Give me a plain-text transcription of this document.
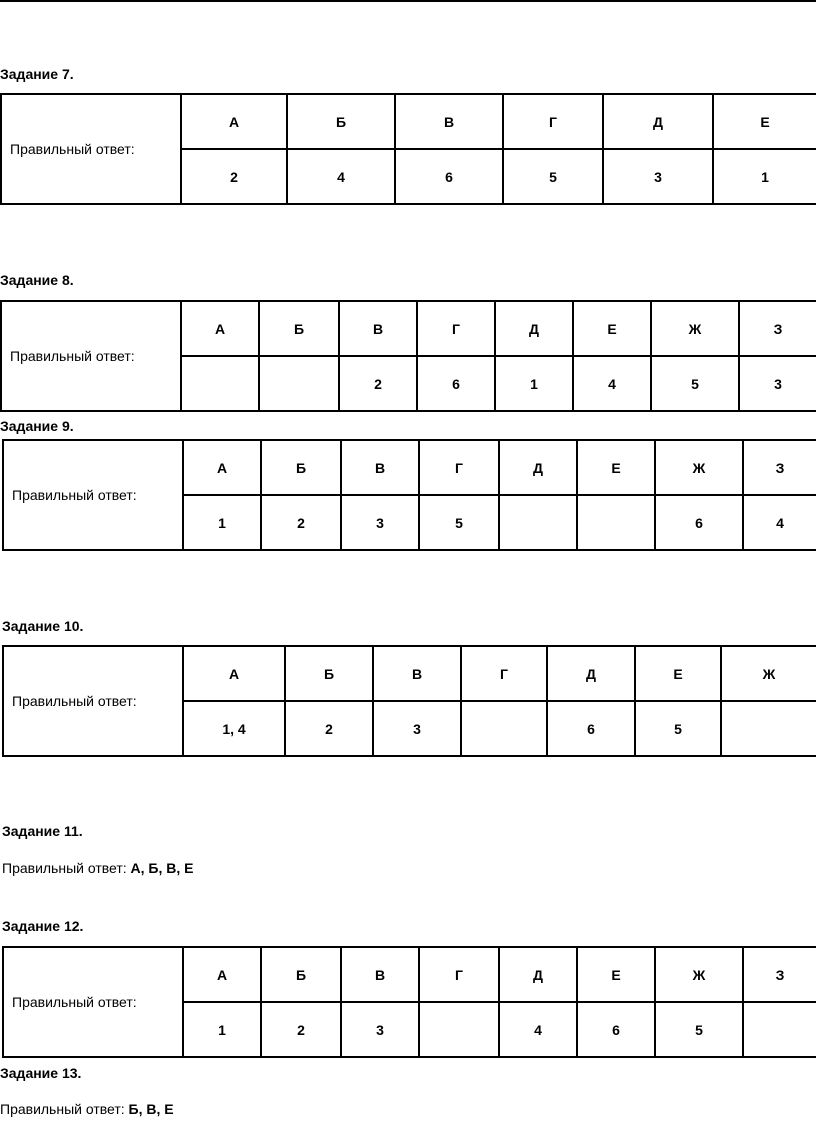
Задание 7.
Правильный ответ:	А	Б	В	Г	Д	Е
	2	4	6	5	3	1
Задание 8.
Правильный ответ:	А	Б	В	Г	Д	Е	Ж	З
			2	6	1	4	5	3
Задание 9.
Правильный ответ:	А	Б	В	Г	Д	Е	Ж	З
	1	2	3	5			6	4
Задание 10.
Правильный ответ:	А	Б	В	Г	Д	Е	Ж
	1, 4	2	3		6	5	
Задание 11.
Правильный ответ: А, Б, В, Е
Задание 12.
Правильный ответ:	А	Б	В	Г	Д	Е	Ж	З
	1	2	3		4	6	5	
Задание 13.
Правильный ответ: Б, В, Е
